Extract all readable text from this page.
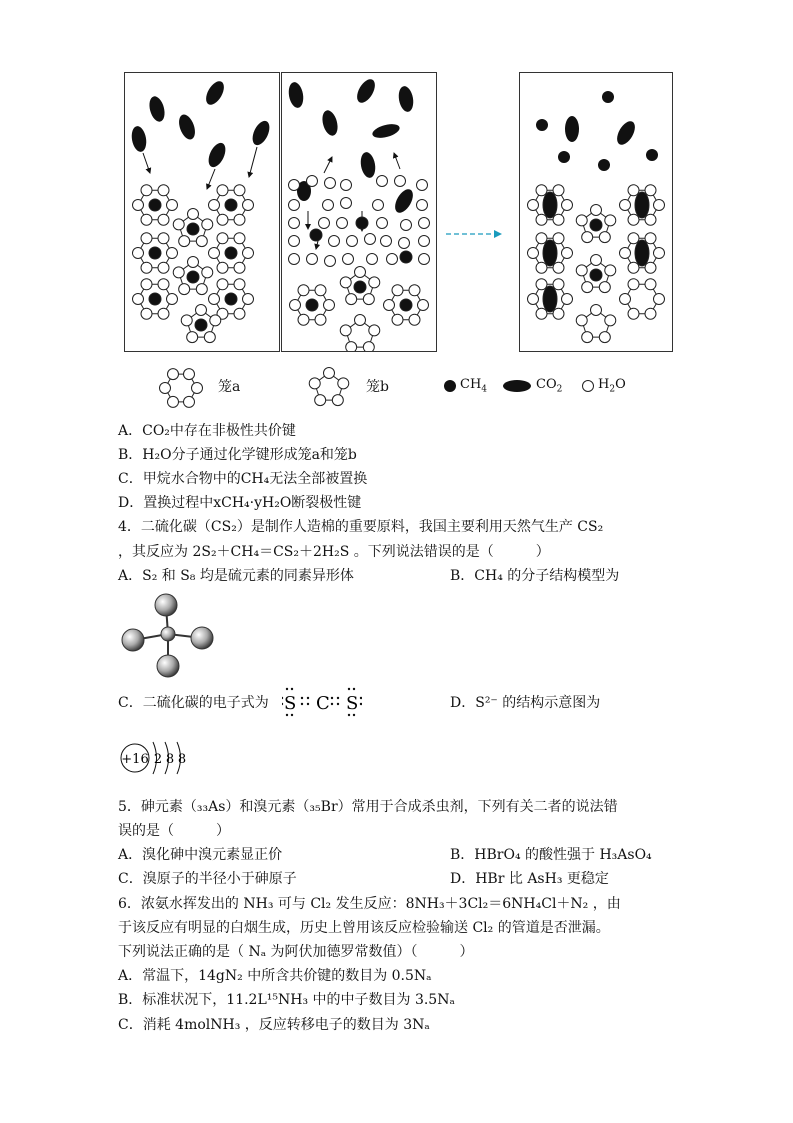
笼a	笼b	$CH_4$	$CO_2$	$H_2O$
A．CO₂中存在非极性共价键
B．H₂O分子通过化学键形成笼a和笼b
C．甲烷水合物中的CH₄无法全部被置换
D．置换过程中xCH₄·yH₂O断裂极性键
4．二硫化碳（CS₂）是制作人造棉的重要原料，我国主要利用天然气生产 CS₂
，其反应为 2S₂＋CH₄＝CS₂＋2H₂S 。下列说法错误的是（　　　）
A．S₂ 和 S₈ 均是硫元素的同素异形体	B．CH₄ 的分子结构模型为
C．二硫化碳的电子式为 S C S	D．S²⁻ 的结构示意图为
+16 2 8 8
5．砷元素（₃₃As）和溴元素（₃₅Br）常用于合成杀虫剂，下列有关二者的说法错
误的是（　　　）
A．溴化砷中溴元素显正价	B．HBrO₄ 的酸性强于 H₃AsO₄
C．溴原子的半径小于砷原子	D．HBr 比 AsH₃ 更稳定
6．浓氨水挥发出的 NH₃ 可与 Cl₂ 发生反应：8NH₃＋3Cl₂＝6NH₄Cl＋N₂ ，由
于该反应有明显的白烟生成，历史上曾用该反应检验输送 Cl₂ 的管道是否泄漏。
下列说法正确的是（ Nₐ 为阿伏加德罗常数值）（　　　）
A．常温下，14gN₂ 中所含共价键的数目为 0.5Nₐ
B．标准状况下，11.2L¹⁵NH₃ 中的中子数目为 3.5Nₐ
C．消耗 4molNH₃ ，反应转移电子的数目为 3Nₐ
